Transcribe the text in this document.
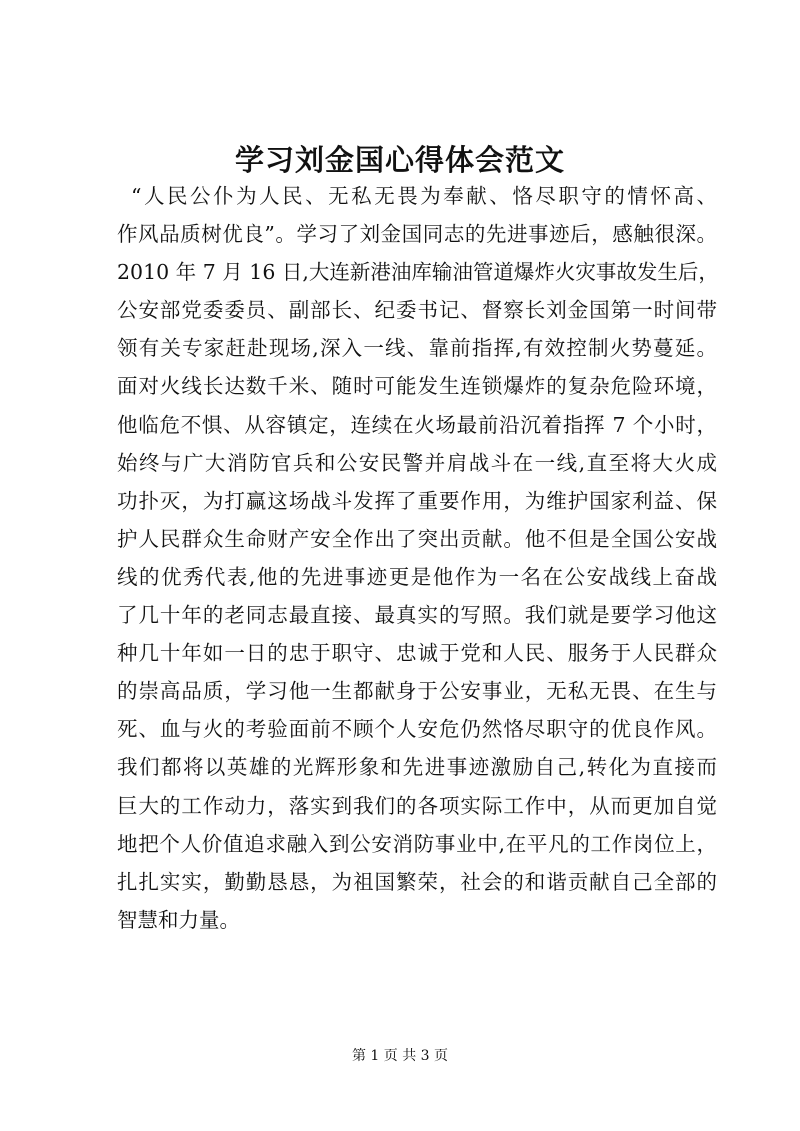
学习刘金国心得体会范文
“人民公仆为人民、无私无畏为奉献、恪尽职守的情怀高、
作风品质树优良”。学习了刘金国同志的先进事迹后，感触很深。
2010 年 7 月 16 日,大连新港油库输油管道爆炸火灾事故发生后，
公安部党委委员、副部长、纪委书记、督察长刘金国第一时间带
领有关专家赶赴现场,深入一线、靠前指挥,有效控制火势蔓延。
面对火线长达数千米、随时可能发生连锁爆炸的复杂危险环境，
他临危不惧、从容镇定，连续在火场最前沿沉着指挥 7 个小时，
始终与广大消防官兵和公安民警并肩战斗在一线,直至将大火成
功扑灭，为打赢这场战斗发挥了重要作用，为维护国家利益、保
护人民群众生命财产安全作出了突出贡献。他不但是全国公安战
线的优秀代表,他的先进事迹更是他作为一名在公安战线上奋战
了几十年的老同志最直接、最真实的写照。我们就是要学习他这
种几十年如一日的忠于职守、忠诚于党和人民、服务于人民群众
的崇高品质，学习他一生都献身于公安事业，无私无畏、在生与
死、血与火的考验面前不顾个人安危仍然恪尽职守的优良作风。
我们都将以英雄的光辉形象和先进事迹激励自己,转化为直接而
巨大的工作动力，落实到我们的各项实际工作中，从而更加自觉
地把个人价值追求融入到公安消防事业中,在平凡的工作岗位上，
扎扎实实，勤勤恳恳，为祖国繁荣，社会的和谐贡献自己全部的
智慧和力量。
第 1 页 共 3 页
